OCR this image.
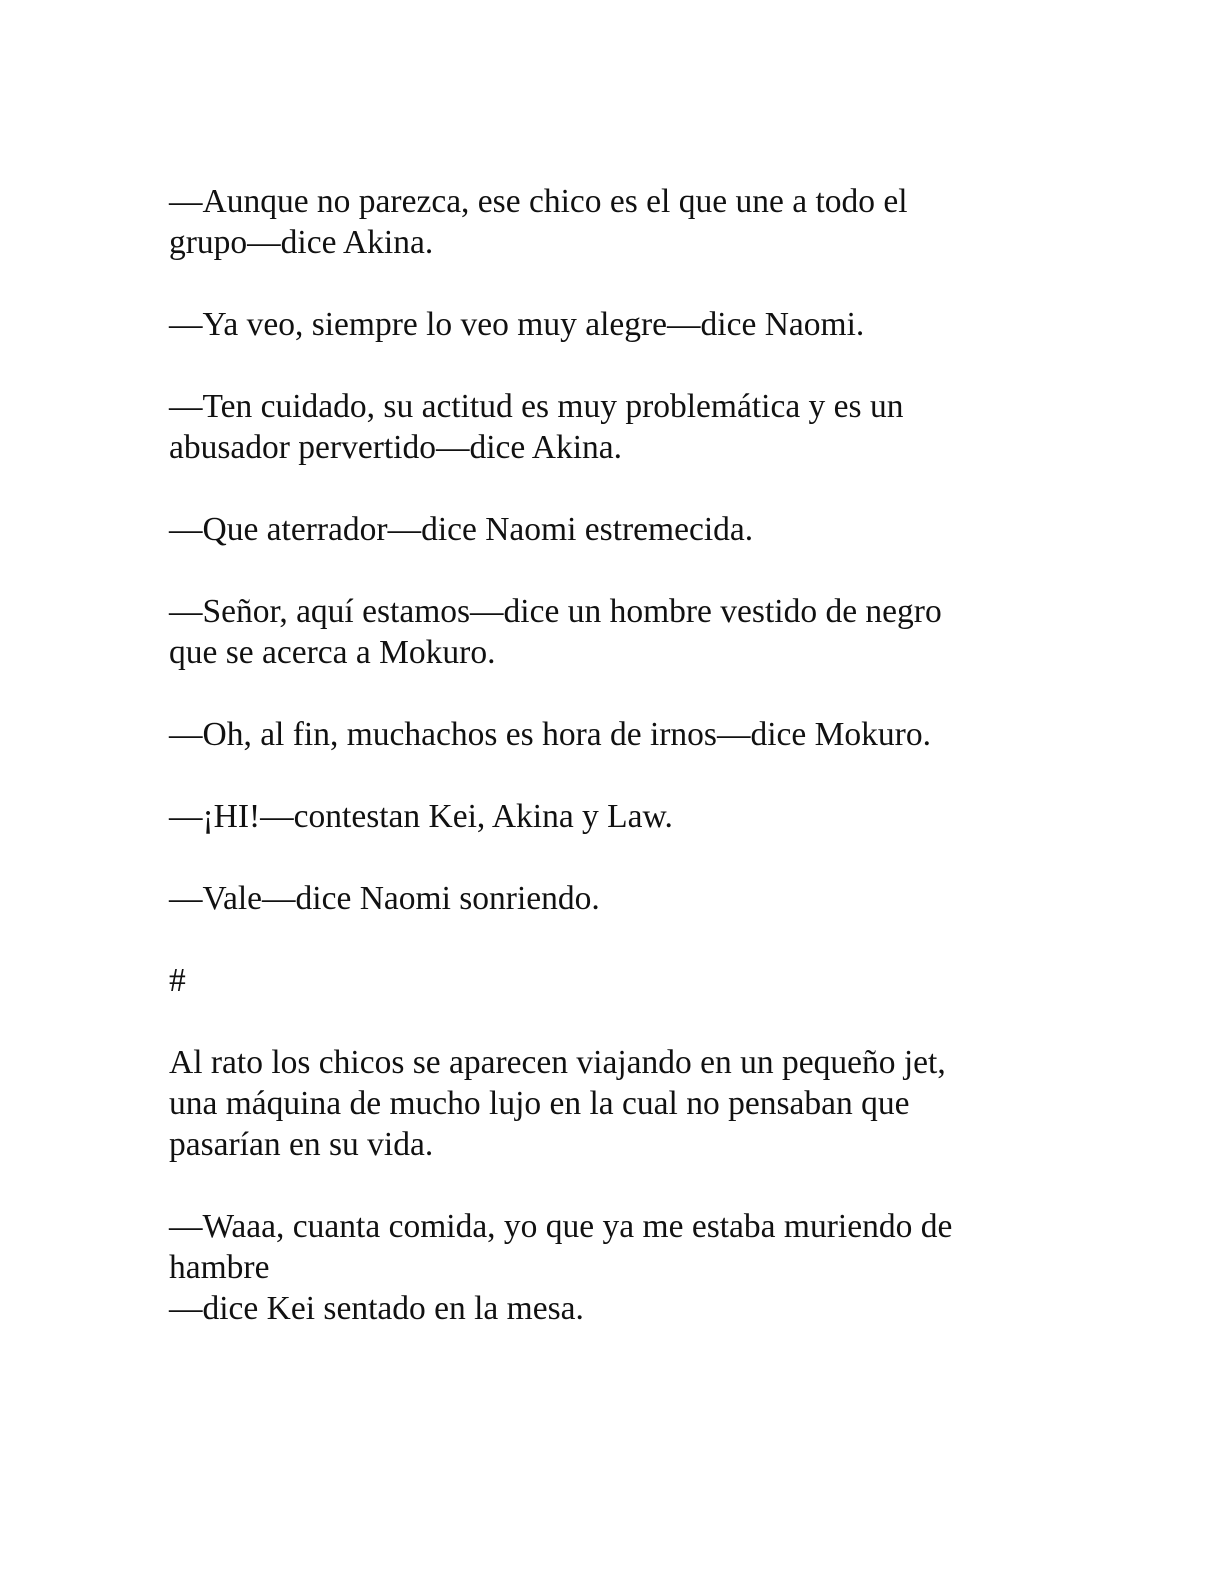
—Aunque no parezca, ese chico es el que une a todo el
grupo—dice Akina.

—Ya veo, siempre lo veo muy alegre—dice Naomi.

—Ten cuidado, su actitud es muy problemática y es un
abusador pervertido—dice Akina.

—Que aterrador—dice Naomi estremecida.

—Señor, aquí estamos—dice un hombre vestido de negro
que se acerca a Mokuro.

—Oh, al fin, muchachos es hora de irnos—dice Mokuro.

—¡HI!—contestan Kei, Akina y Law.

—Vale—dice Naomi sonriendo.

#

Al rato los chicos se aparecen viajando en un pequeño jet,
una máquina de mucho lujo en la cual no pensaban que
pasarían en su vida.

—Waaa, cuanta comida, yo que ya me estaba muriendo de
hambre
—dice Kei sentado en la mesa.
